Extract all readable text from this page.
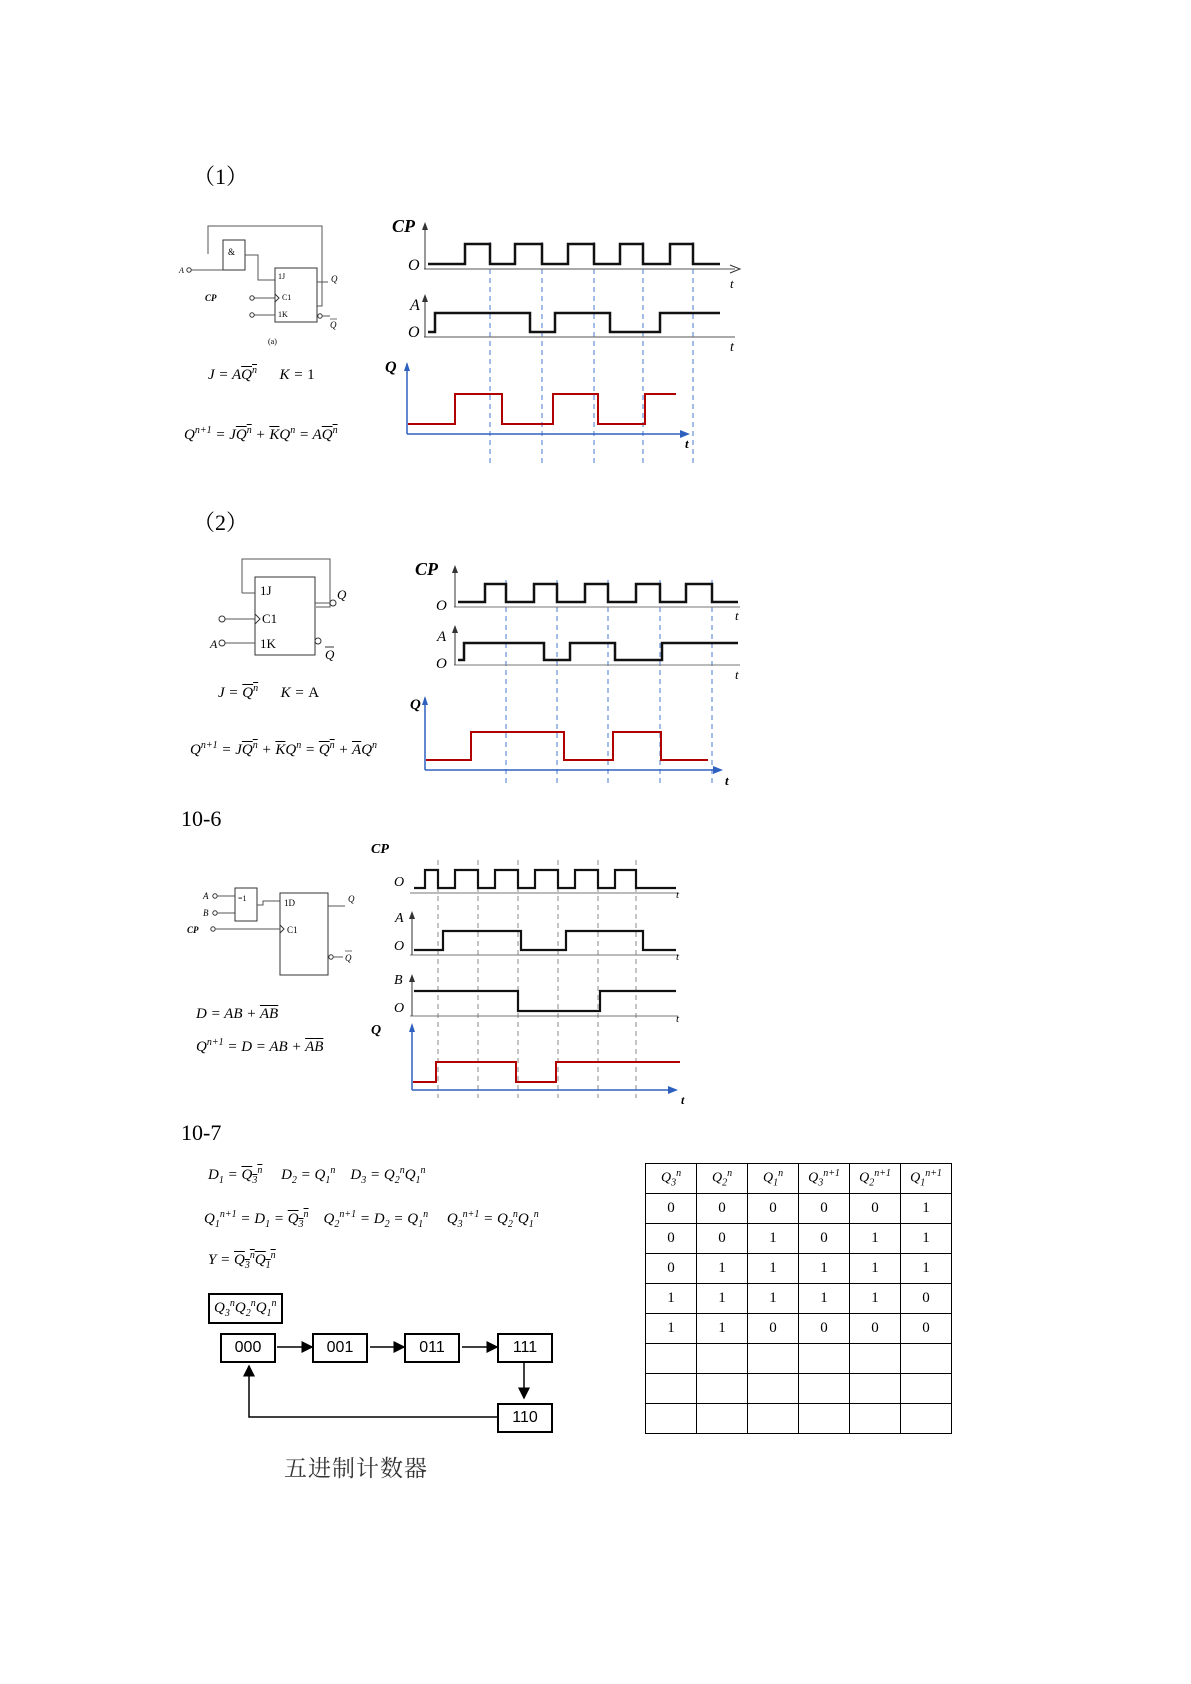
（1）
&
A
1J
C1
1K
CP
Q
Q
(a)
$J = AQ^n$      K = 1
$Q^{n+1} = JQ^n + \overline{K}Q^n = AQ^n$
CP
O
t
A
O
t
Q
t
（2）
1J
C1
1K
A
Q
Q
$J = Q^n$      K = A
$Q^{n+1} = JQ^n + \overline{K}Q^n = Q^n + \overline{A}Q^n$
CP
O
t
A
O
t
Q
t
10-6
A
B
=1	1D
C1
CP
Q
Q
D = AB + $\overline{A}\overline{B}$
$Q^{n+1} = D$ = AB + $\overline{A}\overline{B}$
CP
O
t
A
O
t
B
O
t
Q
t
10-7
$D_1 = Q_3^n$     $D_2 = Q_1^n$    $D_3 = Q_2^nQ_1^n$
$Q_1^{n+1} = D_1 = Q_3^n$    $Q_2^{n+1} = D_2 = Q_1^n$     $Q_3^{n+1} = Q_2^nQ_1^n$
$Y = Q_3^nQ_1^n$
$Q_3^nQ_2^nQ_1^n$
000	001	011	111
110
五进制计数器
$Q_3^n$	$Q_2^n$	$Q_1^n$	$Q_3^{n+1}$	$Q_2^{n+1}$	$Q_1^{n+1}$
0	0	0	0	0	1
0	0	1	0	1	1
0	1	1	1	1	1
1	1	1	1	1	0
1	1	0	0	0	0
